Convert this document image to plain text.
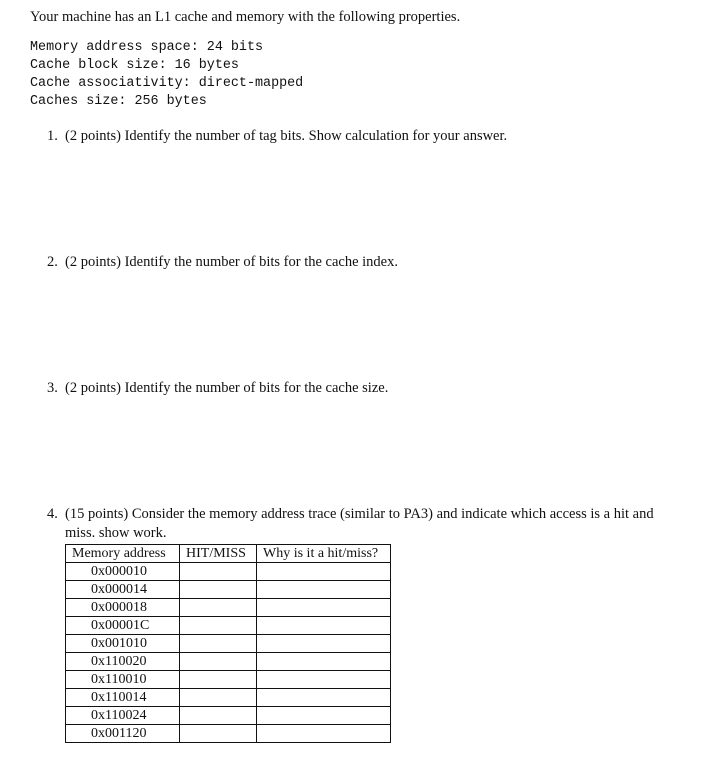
Your machine has an L1 cache and memory with the following properties.
Memory address space: 24 bits
Cache block size: 16 bytes
Cache associativity: direct-mapped
Caches size: 256 bytes
1. (2 points) Identify the number of tag bits. Show calculation for your answer.
2. (2 points) Identify the number of bits for the cache index.
3. (2 points) Identify the number of bits for the cache size.
4. (15 points) Consider the memory address trace (similar to PA3) and indicate which access is a hit and
miss. show work.
Memory address	HIT/MISS	Why is it a hit/miss?
0x000010		
0x000014		
0x000018		
0x00001C		
0x001010		
0x110020		
0x110010		
0x110014		
0x110024		
0x001120		
